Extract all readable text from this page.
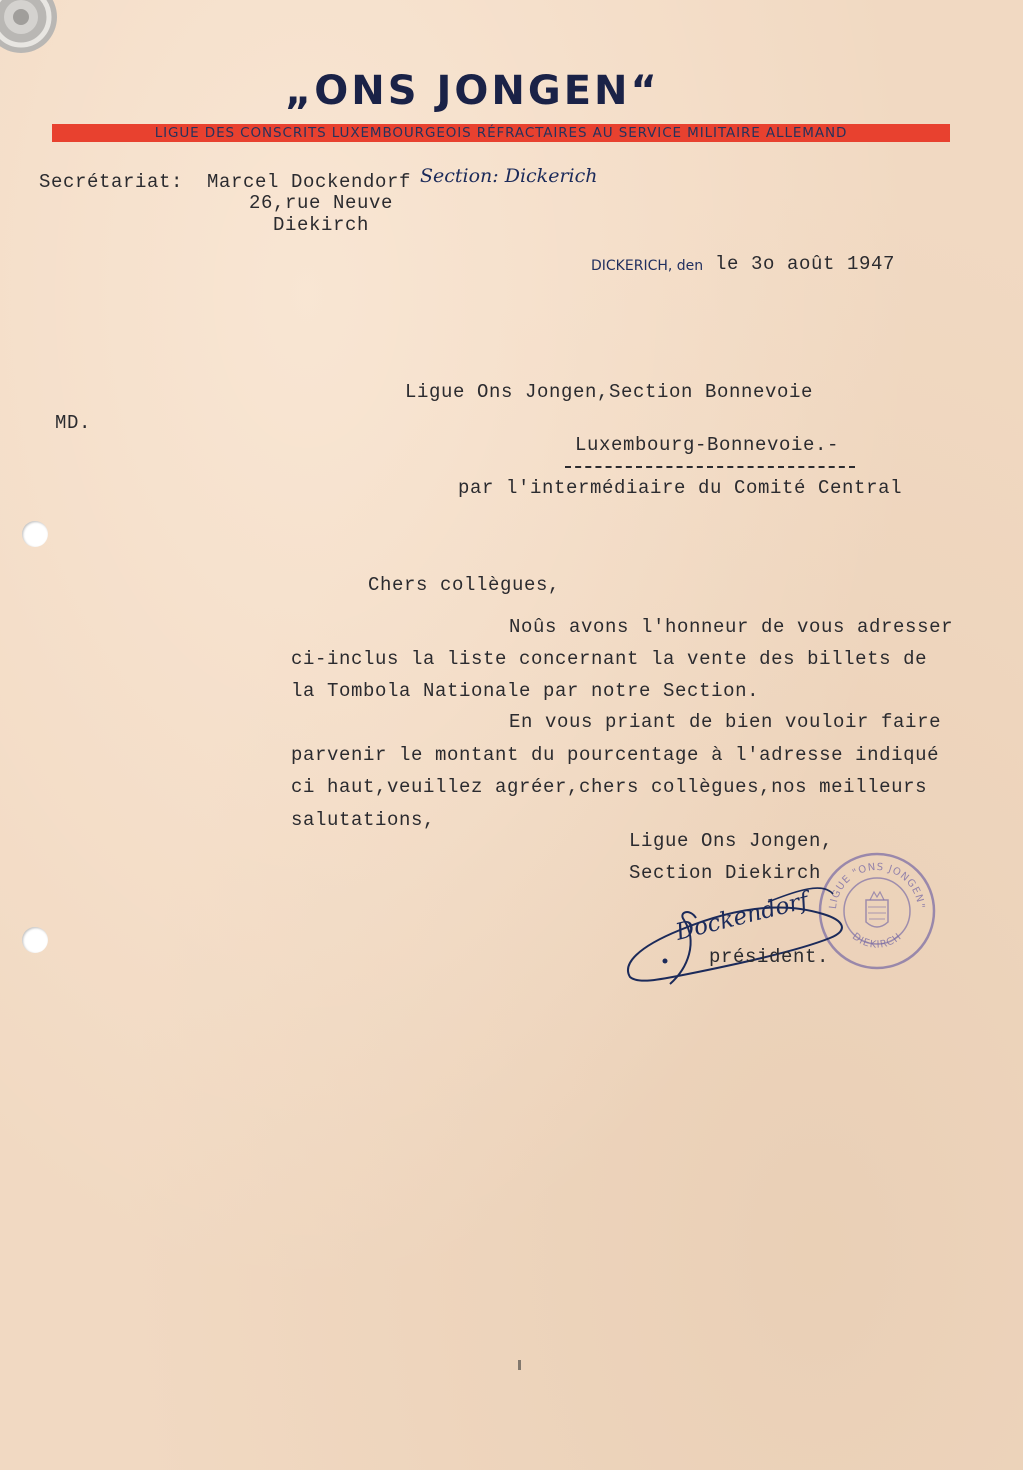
„ONS JONGEN“
LIGUE DES CONSCRITS LUXEMBOURGEOIS RÉFRACTAIRES AU SERVICE MILITAIRE ALLEMAND
Secrétariat: Marcel Dockendorf Section: Dickerich
26,rue Neuve
Diekirch
DICKERICH, den le 3o août 1947
MD.
Ligue Ons Jongen,Section Bonnevoie
Luxembourg-Bonnevoie.-
par l'intermédiaire du Comité Central
Chers collègues,
Noûs avons l'honneur de vous adresser
ci-inclus la liste concernant la vente des billets de
la Tombola Nationale par notre Section.
En vous priant de bien vouloir faire
parvenir le montant du pourcentage à l'adresse indiqué
ci haut,veuillez agréer,chers collègues,nos meilleurs
salutations,
Ligue Ons Jongen,
Section Diekirch
LIGUE "ONS JONGEN"
DIEKIRCH
Dockendorf
président.
